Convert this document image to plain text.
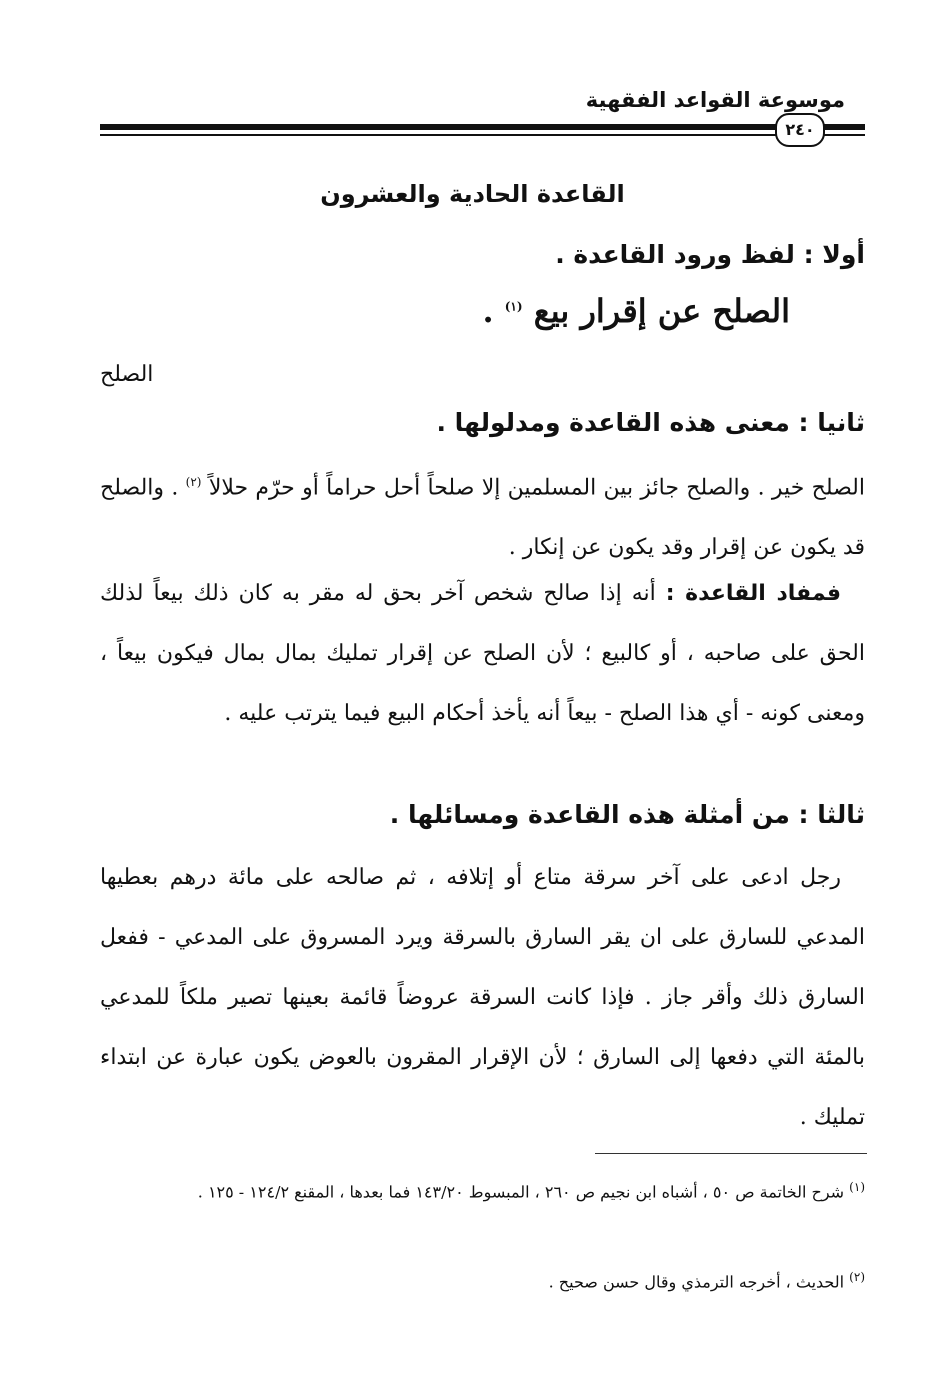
موسوعة القواعد الفقهية
٢٤٠
القاعدة الحادية والعشرون
أولا : لفظ ورود القاعدة .
الصلح عن إقرار بيع $^{(١)}$ .
الصلح
ثانيا : معنى هذه القاعدة ومدلولها .
الصلح خير . والصلح جائز بين المسلمين إلا صلحاً أحل حراماً أو حرّم حلالاً $^{(٢)}$ . والصلح قد يكون عن إقرار وقد يكون عن إنكار .
فمفاد القاعدة : أنه إذا صالح شخص آخر بحق له مقر به كان ذلك بيعاً لذلك الحق على صاحبه ، أو كالبيع ؛ لأن الصلح عن إقرار تمليك بمال بمال فيكون بيعاً ، ومعنى كونه - أي هذا الصلح - بيعاً أنه يأخذ أحكام البيع فيما يترتب عليه .
ثالثا : من أمثلة هذه القاعدة ومسائلها .
رجل ادعى على آخر سرقة متاع أو إتلافه ، ثم صالحه على مائة درهم بعطيها المدعي للسارق على ان يقر السارق بالسرقة ويرد المسروق على المدعي - ففعل السارق ذلك وأقر جاز . فإذا كانت السرقة عروضاً قائمة بعينها تصير ملكاً للمدعي بالمئة التي دفعها إلى السارق ؛ لأن الإقرار المقرون بالعوض يكون عبارة عن ابتداء تمليك .
$^{(١)}$ شرح الخاتمة ص ٥٠ ، أشباه ابن نجيم ص ٢٦٠ ، المبسوط ١٤٣/٢٠ فما بعدها ، المقنع ١٢٤/٢ - ١٢٥ .
$^{(٢)}$ الحديث ، أخرجه الترمذي وقال حسن صحيح .
